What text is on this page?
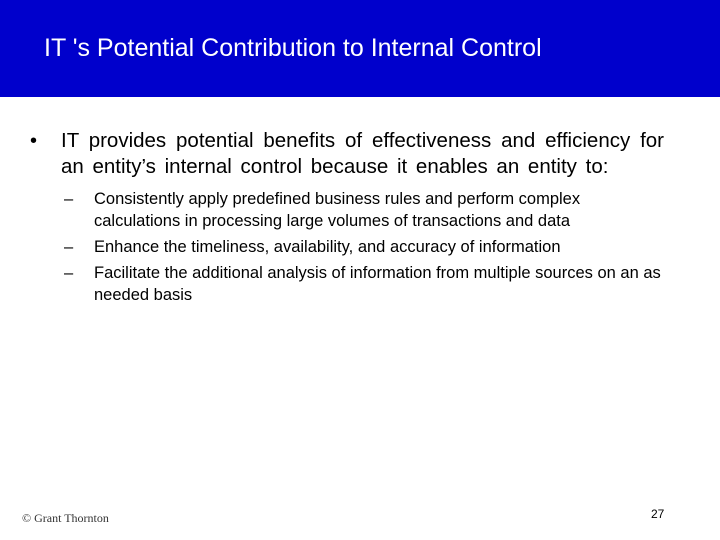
IT 's Potential Contribution to Internal Control
• IT provides potential benefits of effectiveness and efficiency for an entity’s internal control because it enables an entity to:
– Consistently apply predefined business rules and perform complex calculations in processing large volumes of transactions and data
– Enhance the timeliness, availability, and accuracy of information
– Facilitate the additional analysis of information from multiple sources on an as needed basis
© Grant Thornton	27
